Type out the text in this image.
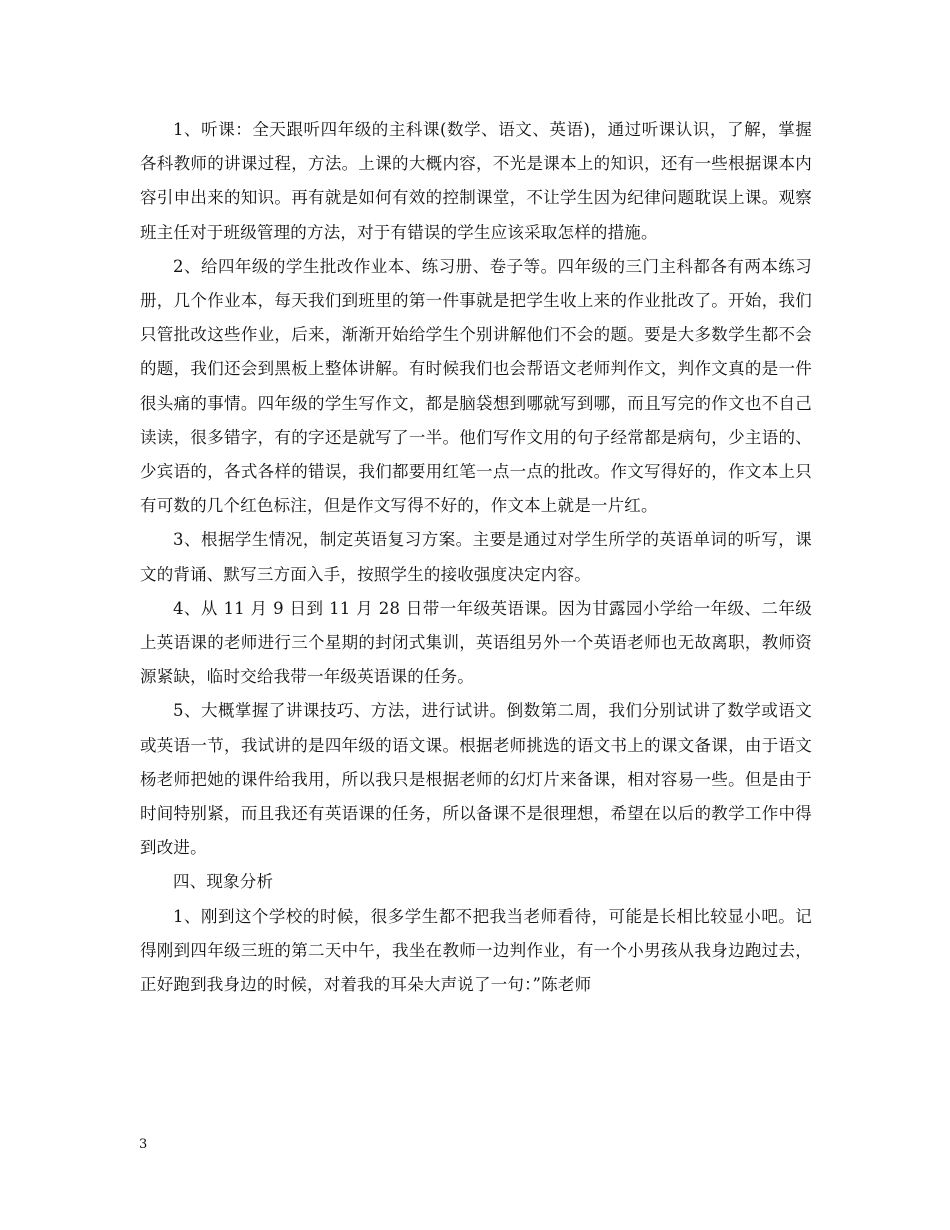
1、听课：全天跟听四年级的主科课(数学、语文、英语)，通过听课认识，了解，掌握各科教师的讲课过程，方法。上课的大概内容，不光是课本上的知识，还有一些根据课本内容引申出来的知识。再有就是如何有效的控制课堂，不让学生因为纪律问题耽误上课。观察班主任对于班级管理的方法，对于有错误的学生应该采取怎样的措施。

2、给四年级的学生批改作业本、练习册、卷子等。四年级的三门主科都各有两本练习册，几个作业本，每天我们到班里的第一件事就是把学生收上来的作业批改了。开始，我们只管批改这些作业，后来，渐渐开始给学生个别讲解他们不会的题。要是大多数学生都不会的题，我们还会到黑板上整体讲解。有时候我们也会帮语文老师判作文，判作文真的是一件很头痛的事情。四年级的学生写作文，都是脑袋想到哪就写到哪，而且写完的作文也不自己读读，很多错字，有的字还是就写了一半。他们写作文用的句子经常都是病句，少主语的、少宾语的，各式各样的错误，我们都要用红笔一点一点的批改。作文写得好的，作文本上只有可数的几个红色标注，但是作文写得不好的，作文本上就是一片红。

3、根据学生情况，制定英语复习方案。主要是通过对学生所学的英语单词的听写，课文的背诵、默写三方面入手，按照学生的接收强度决定内容。

4、从 11 月 9 日到 11 月 28 日带一年级英语课。因为甘露园小学给一年级、二年级上英语课的老师进行三个星期的封闭式集训，英语组另外一个英语老师也无故离职，教师资源紧缺，临时交给我带一年级英语课的任务。

5、大概掌握了讲课技巧、方法，进行试讲。倒数第二周，我们分别试讲了数学或语文或英语一节，我试讲的是四年级的语文课。根据老师挑选的语文书上的课文备课，由于语文杨老师把她的课件给我用，所以我只是根据老师的幻灯片来备课，相对容易一些。但是由于时间特别紧，而且我还有英语课的任务，所以备课不是很理想，希望在以后的教学工作中得到改进。

四、现象分析

1、刚到这个学校的时候，很多学生都不把我当老师看待，可能是长相比较显小吧。记得刚到四年级三班的第二天中午，我坐在教师一边判作业，有一个小男孩从我身边跑过去，正好跑到我身边的时候，对着我的耳朵大声说了一句：”陈老师

3
